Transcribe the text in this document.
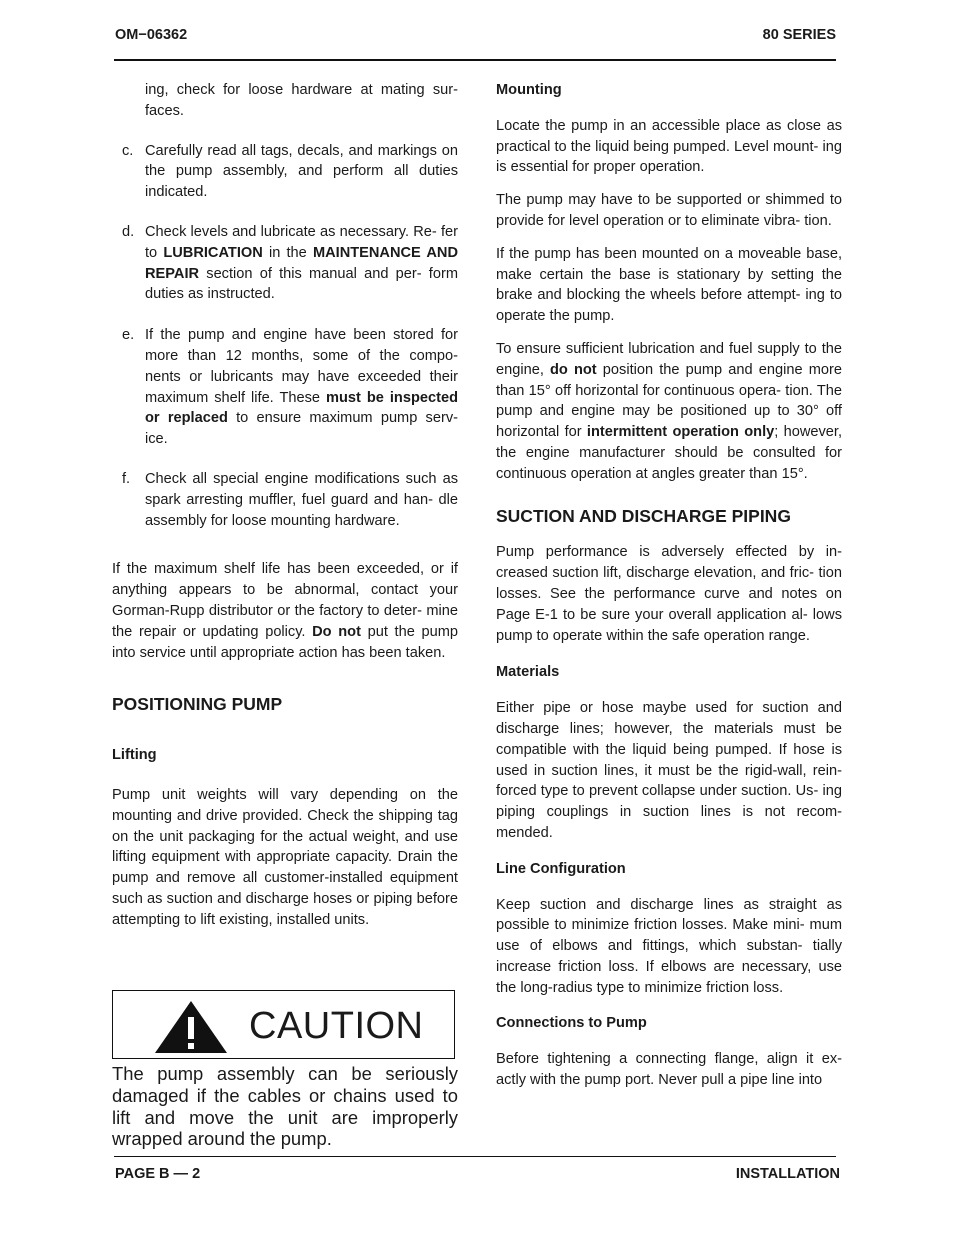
OM−06362	80 SERIES

ing, check for loose hardware at mating sur- faces.

c. Carefully read all tags, decals, and markings on the pump assembly, and perform all duties indicated.
d. Check levels and lubricate as necessary. Re- fer to LUBRICATION in the MAINTENANCE AND REPAIR section of this manual and per- form duties as instructed.
e. If the pump and engine have been stored for more than 12 months, some of the compo- nents or lubricants may have exceeded their maximum shelf life. These must be inspected or replaced to ensure maximum pump serv- ice.
f.	Check all special engine modifications such as spark arresting muffler, fuel guard and han- dle assembly for loose mounting hardware.

If the maximum shelf life has been exceeded, or if anything appears to be abnormal, contact your Gorman-Rupp distributor or the factory to deter- mine the repair or updating policy. Do not put the pump into service until appropriate action has been taken.

POSITIONING PUMP
Lifting

Pump unit weights will vary depending on the mounting and drive provided. Check the shipping tag on the unit packaging for the actual weight, and use lifting equipment with appropriate capacity. Drain the pump and remove all customer-installed equipment such as suction and discharge hoses or piping before attempting to lift existing, installed units.

CAUTION
The pump assembly can be seriously damaged if the cables or chains used to lift and move the unit are improperly wrapped around the pump.
Mounting

Locate the pump in an accessible place as close as practical to the liquid being pumped. Level mount- ing is essential for proper operation.

The pump may have to be supported or shimmed to provide for level operation or to eliminate vibra- tion.

If the pump has been mounted on a moveable base, make certain the base is stationary by setting the brake and blocking the wheels before attempt- ing to operate the pump.

To ensure sufficient lubrication and fuel supply to the engine, do not position the pump and engine more than 15° off horizontal for continuous opera- tion. The pump and engine may be positioned up to 30° off horizontal for intermittent operation only; however, the engine manufacturer should be consulted for continuous operation at angles greater than 15°.

SUCTION AND DISCHARGE PIPING

Pump performance is adversely effected by in- creased suction lift, discharge elevation, and fric- tion losses. See the performance curve and notes on Page E-1 to be sure your overall application al- lows pump to operate within the safe operation range.

Materials

Either pipe or hose maybe used for suction and discharge lines; however, the materials must be compatible with the liquid being pumped. If hose is used in suction lines, it must be the rigid-wall, rein- forced type to prevent collapse under suction. Us- ing piping couplings in suction lines is not recom- mended.

Line Configuration

Keep suction and discharge lines as straight as possible to minimize friction losses. Make mini- mum use of elbows and fittings, which substan- tially increase friction loss. If elbows are necessary, use the long-radius type to minimize friction loss.

Connections to Pump

Before tightening a connecting flange, align it ex- actly with the pump port. Never pull a pipe line into

PAGE B — 2	INSTALLATION
